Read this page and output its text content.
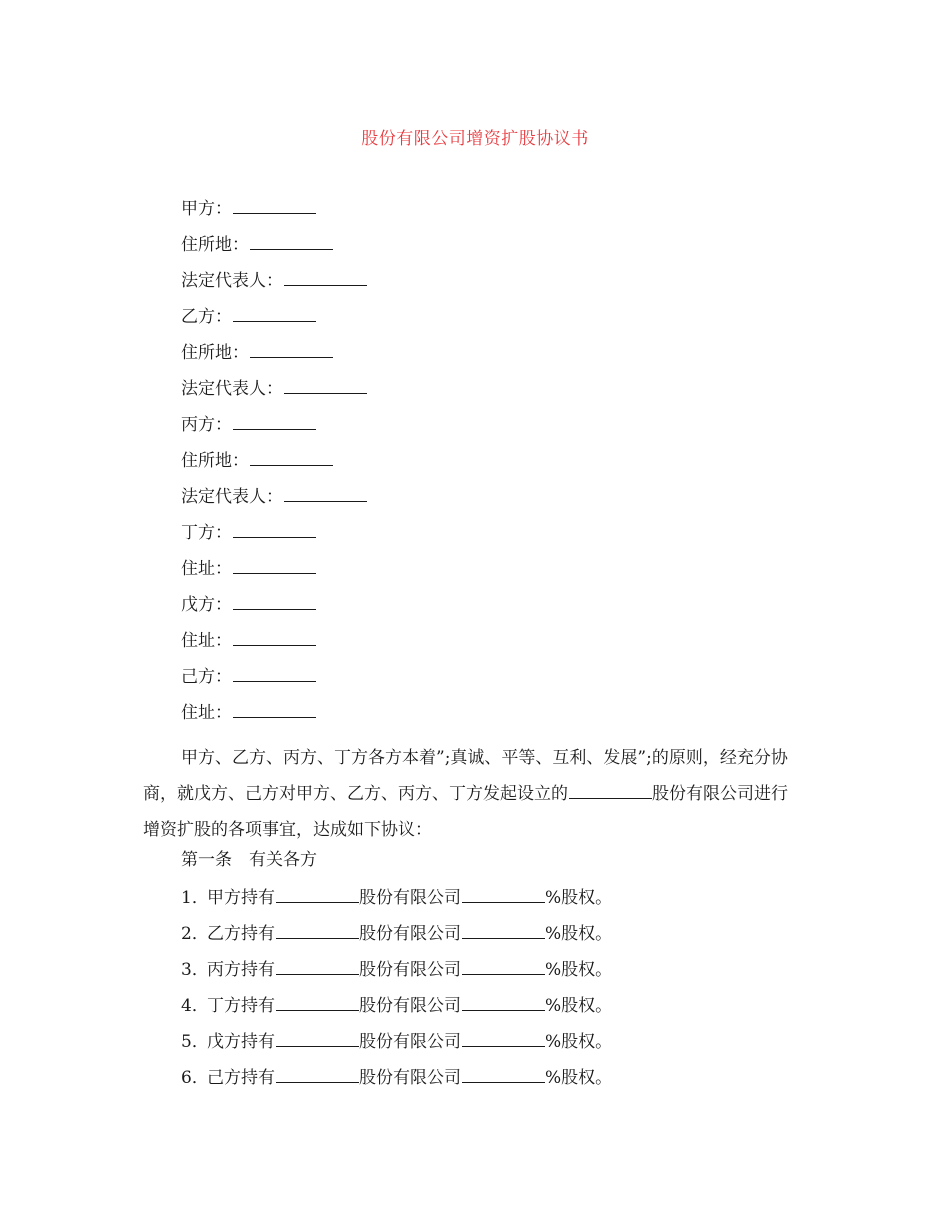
股份有限公司增资扩股协议书
甲方：
住所地：
法定代表人：
乙方：
住所地：
法定代表人：
丙方：
住所地：
法定代表人：
丁方：
住址：
戊方：
住址：
己方：
住址：
甲方、乙方、丙方、丁方各方本着”;真诚、平等、互利、发展”;的原则，经充分协商，就戊方、己方对甲方、乙方、丙方、丁方发起设立的	股份有限公司进行增资扩股的各项事宜，达成如下协议：
第一条　有关各方
1．甲方持有	股份有限公司	%股权。
2．乙方持有	股份有限公司	%股权。
3．丙方持有	股份有限公司	%股权。
4．丁方持有	股份有限公司	%股权。
5．戊方持有	股份有限公司	%股权。
6．己方持有	股份有限公司	%股权。
